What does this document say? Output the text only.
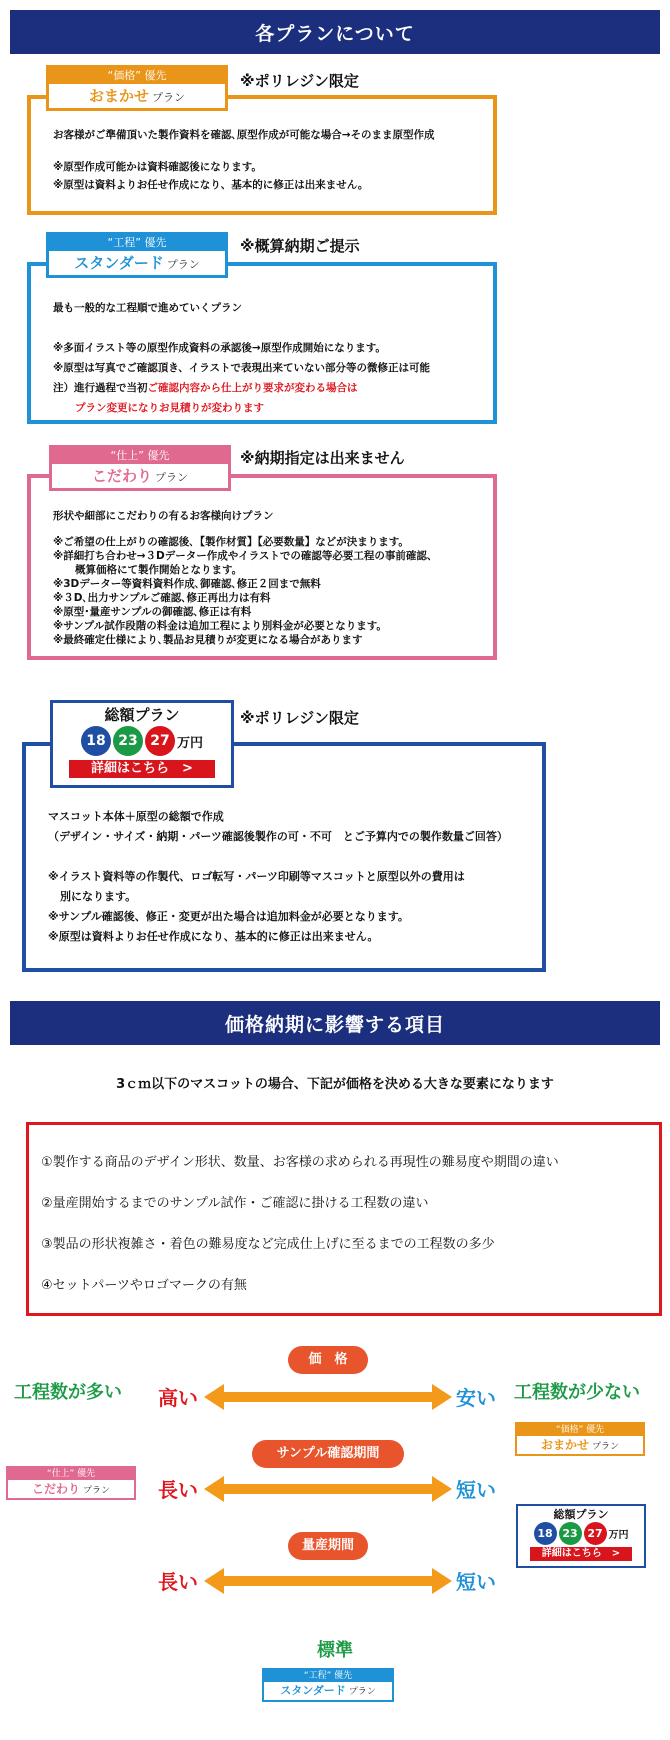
各プランについて
お客様がご準備頂いた製作資料を確認､原型作成が可能な場合→そのまま原型作成
※原型作成可能かは資料確認後になります。
※原型は資料よりお任せ作成になり、基本的に修正は出来ません。
“価格” 優先
おまかせ プラン
※ポリレジン限定
最も一般的な工程順で進めていくプラン
※多面イラスト等の原型作成資料の承認後→原型作成開始になります。
※原型は写真でご確認頂き、イラストで表現出来ていない部分等の微修正は可能
注）進行過程で当初ご確認内容から仕上がり要求が変わる場合は
プラン変更になりお見積りが変わります
“工程” 優先
スタンダード プラン
※概算納期ご提示
形状や細部にこだわりの有るお客様向けプラン
※ご希望の仕上がりの確認後､【製作材質】【必要数量】などが決まります。
※詳細打ち合わせ→３Dデーター作成やイラストでの確認等必要工程の事前確認、
概算価格にて製作開始となります。
※3Dデーター等資料資料作成､御確認､修正２回まで無料
※３D､出力サンプルご確認､修正再出力は有料
※原型･量産サンプルの御確認､修正は有料
※サンプル試作段階の料金は追加工程により別料金が必要となります。
※最終確定仕様により､製品お見積りが変更になる場合があります
“仕上” 優先
こだわり プラン
※納期指定は出来ません
マスコット本体＋原型の総額で作成
（デザイン・サイズ・納期・パーツ確認後製作の可・不可　とご予算内での製作数量ご回答）
※イラスト資料等の作製代、ロゴ転写・パーツ印刷等マスコットと原型以外の費用は
別になります。
※サンプル確認後、修正・変更が出た場合は追加料金が必要となります。
※原型は資料よりお任せ作成になり、基本的に修正は出来ません。
総額プラン
18 23 27 万円
詳細はこちら　>
※ポリレジン限定
価格納期に影響する項目
3ｃｍ以下のマスコットの場合、下記が価格を決める大きな要素になります
①製作する商品のデザイン形状、数量、お客様の求められる再現性の難易度や期間の違い
②量産開始するまでのサンプル試作・ご確認に掛ける工程数の違い
③製品の形状複雑さ・着色の難易度など完成仕上げに至るまでの工程数の多少
④セットパーツやロゴマークの有無
工程数が多い	工程数が少ない
価　格
高い	安い
“価格” 優先
おまかせ プラン
サンプル確認期間
長い	短い
“仕上” 優先
こだわり プラン
総額プラン
18 23 27 万円
詳細はこちら　>
量産期間
長い	短い
標準
“工程” 優先
スタンダード プラン
